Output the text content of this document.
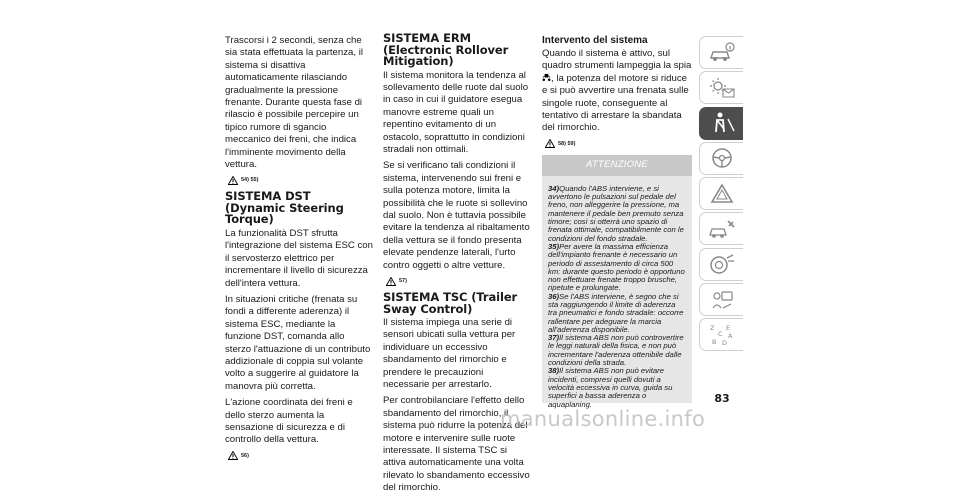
Trascorsi i 2 secondi, senza che sia stata effettuata la partenza, il sistema si disattiva automaticamente rilasciando gradualmente la pressione frenante. Durante questa fase di rilascio è possibile percepire un tipico rumore di sgancio meccanico dei freni, che indica l'imminente movimento della vettura.

54) 55)
SISTEMA DST (Dynamic Steering Torque)

La funzionalità DST sfrutta l'integrazione del sistema ESC con il servosterzo elettrico per incrementare il livello di sicurezza dell'intera vettura.

In situazioni critiche (frenata su fondi a differente aderenza) il sistema ESC, mediante la funzione DST, comanda allo sterzo l'attuazione di un contributo addizionale di coppia sul volante volto a suggerire al guidatore la manovra più corretta.

L'azione coordinata dei freni e dello sterzo aumenta la sensazione di sicurezza e di controllo della vettura.

56)
SISTEMA ERM (Electronic Rollover Mitigation)

Il sistema monitora la tendenza al sollevamento delle ruote dal suolo in caso in cui il guidatore esegua manovre estreme quali un repentino evitamento di un ostacolo, soprattutto in condizioni stradali non ottimali.

Se si verificano tali condizioni il sistema, intervenendo sui freni e sulla potenza motore, limita la possibilità che le ruote si sollevino dal suolo. Non è tuttavia possibile evitare la tendenza al ribaltamento della vettura se il fondo presenta elevate pendenze laterali, l'urto contro oggetti o altre vetture.

57)
SISTEMA TSC (Trailer Sway Control)

Il sistema impiega una serie di sensori ubicati sulla vettura per individuare un eccessivo sbandamento del rimorchio e prendere le precauzioni necessarie per arrestarlo.

Per controbilanciare l'effetto dello sbandamento del rimorchio, il sistema può ridurre la potenza del motore e intervenire sulle ruote interessate. Il sistema TSC si attiva automaticamente una volta rilevato lo sbandamento eccessivo del rimorchio.

Intervento del sistema

Quando il sistema è attivo, sul quadro strumenti lampeggia la spia , la potenza del motore si riduce e si può avvertire una frenata sulle singole ruote, conseguente al tentativo di arrestare la sbandata del rimorchio.

58) 59)
ATTENZIONE
34)Quando l'ABS interviene, e si avvertono le pulsazioni sul pedale del freno, non alleggerire la pressione, ma mantenere il pedale ben premuto senza timore; così si otterrà uno spazio di frenata ottimale, compatibilmente con le condizioni del fondo stradale.
35)Per avere la massima efficienza dell'impianto frenante è necessario un periodo di assestamento di circa 500 km: durante questo periodo è opportuno non effettuare frenate troppo brusche, ripetute e prolungate.
36)Se l'ABS interviene, è segno che si sta raggiungendo il limite di aderenza tra pneumatici e fondo stradale: occorre rallentare per adeguare la marcia all'aderenza disponibile.
37)Il sistema ABS non può controvertire le leggi naturali della fisica, e non può incrementare l'aderenza ottenibile dalle condizioni della strada.
38)Il sistema ABS non può evitare incidenti, compresi quelli dovuti a velocità eccessiva in curva, guida su superfici a bassa aderenza o aquaplaning.
Z E
C A
B D
83
manualsonline.info
